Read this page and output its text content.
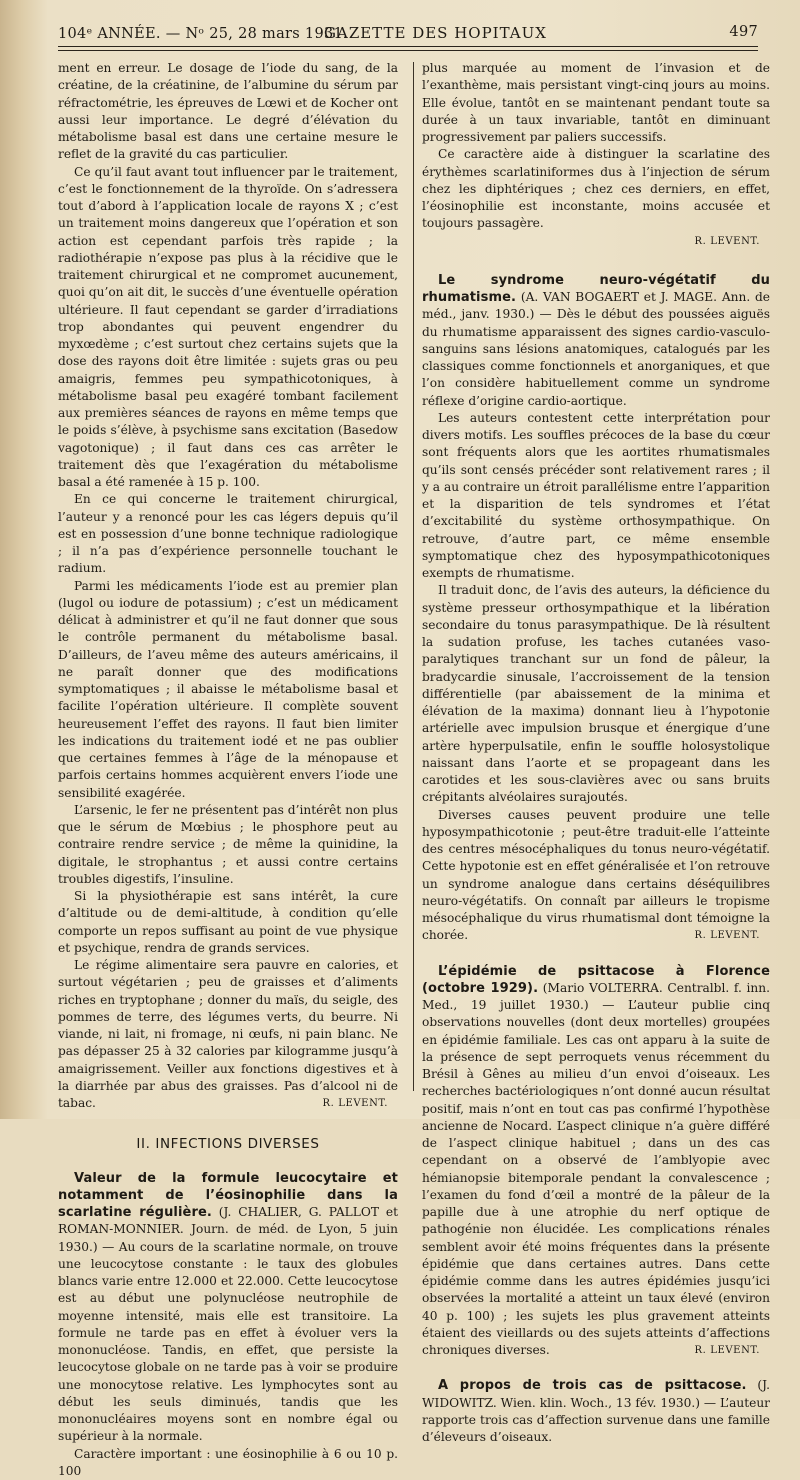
104ᵉ ANNÉE. — Nᵒ 25, 28 mars 1931.
GAZETTE DES HOPITAUX	497

ment en erreur. Le dosage de l’iode du sang, de la créatine, de la créatinine, de l’albumine du sérum par réfractométrie, les épreuves de Lœwi et de Kocher ont aussi leur importance. Le degré d’élévation du métabolisme basal est dans une certaine mesure le reflet de la gravité du cas particulier.

Ce qu’il faut avant tout influencer par le traitement, c’est le fonctionnement de la thyroïde. On s’adressera tout d’abord à l’application locale de rayons X ; c’est un traitement moins dangereux que l’opération et son action est cependant parfois très rapide ; la radiothérapie n’expose pas plus à la récidive que le traitement chirurgical et ne compromet aucunement, quoi qu’on ait dit, le succès d’une éventuelle opération ultérieure. Il faut cependant se garder d’irradiations trop abondantes qui peuvent engendrer du myxœdème ; c’est surtout chez certains sujets que la dose des rayons doit être limitée : sujets gras ou peu amaigris, femmes peu sympathicotoniques, à métabolisme basal peu exagéré tombant facilement aux premières séances de rayons en même temps que le poids s’élève, à psychisme sans excitation (Basedow vagotonique) ; il faut dans ces cas arrêter le traitement dès que l’exagération du métabolisme basal a été ramenée à 15 p. 100.

En ce qui concerne le traitement chirurgical, l’auteur y a renoncé pour les cas légers depuis qu’il est en possession d’une bonne technique radiologique ; il n’a pas d’expérience personnelle touchant le radium.

Parmi les médicaments l’iode est au premier plan (lugol ou iodure de potassium) ; c’est un médicament délicat à administrer et qu’il ne faut donner que sous le contrôle permanent du métabolisme basal. D’ailleurs, de l’aveu même des auteurs américains, il ne paraît donner que des modifications symptomatiques ; il abaisse le métabolisme basal et facilite l’opération ultérieure. Il complète souvent heureusement l’effet des rayons. Il faut bien limiter les indications du traitement iodé et ne pas oublier que certaines femmes à l’âge de la ménopause et parfois certains hommes acquièrent envers l’iode une sensibilité exagérée.

L’arsenic, le fer ne présentent pas d’intérêt non plus que le sérum de Mœbius ; le phosphore peut au contraire rendre service ; de même la quinidine, la digitale, le strophantus ; et aussi contre certains troubles digestifs, l’insuline.

Si la physiothérapie est sans intérêt, la cure d’altitude ou de demi-altitude, à condition qu’elle comporte un repos suffisant au point de vue physique et psychique, rendra de grands services.

Le régime alimentaire sera pauvre en calories, et surtout végétarien ; peu de graisses et d’aliments riches en tryptophane ; donner du maïs, du seigle, des pommes de terre, des légumes verts, du beurre. Ni viande, ni lait, ni fromage, ni œufs, ni pain blanc. Ne pas dépasser 25 à 32 calories par kilogramme jusqu’à amaigrissement. Veiller aux fonctions digestives et à la diarrhée par abus des graisses. Pas d’alcool ni de tabac.	R. LEVENT.

II. INFECTIONS DIVERSES

Valeur de la formule leucocytaire et notamment de l’éosinophilie dans la scarlatine régulière. (J. CHALIER, G. PALLOT et ROMAN-MONNIER. Journ. de méd. de Lyon, 5 juin 1930.) — Au cours de la scarlatine normale, on trouve une leucocytose constante : le taux des globules blancs varie entre 12.000 et 22.000. Cette leucocytose est au début une polynucléose neutrophile de moyenne intensité, mais elle est transitoire. La formule ne tarde pas en effet à évoluer vers la mononucléose. Tandis, en effet, que persiste la leucocytose globale on ne tarde pas à voir se produire une monocytose relative. Les lymphocytes sont au début les seuls diminués, tandis que les mononucléaires moyens sont en nombre égal ou supérieur à la normale.

Caractère important : une éosinophilie à 6 ou 10 p. 100

plus marquée au moment de l’invasion et de l’exanthème, mais persistant vingt-cinq jours au moins. Elle évolue, tantôt en se maintenant pendant toute sa durée à un taux invariable, tantôt en diminuant progressivement par paliers successifs.

Ce caractère aide à distinguer la scarlatine des érythèmes scarlatiniformes dus à l’injection de sérum chez les diphtériques ; chez ces derniers, en effet, l’éosinophilie est inconstante, moins accusée et toujours passagère.

R. LEVENT.

Le syndrome neuro-végétatif du rhumatisme. (A. VAN BOGAERT et J. MAGE. Ann. de méd., janv. 1930.) — Dès le début des poussées aiguës du rhumatisme apparaissent des signes cardio-vasculo-sanguins sans lésions anatomiques, catalogués par les classiques comme fonctionnels et anorganiques, et que l’on considère habituellement comme un syndrome réflexe d’origine cardio-aortique.

Les auteurs contestent cette interprétation pour divers motifs. Les souffles précoces de la base du cœur sont fréquents alors que les aortites rhumatismales qu’ils sont censés précéder sont relativement rares ; il y a au contraire un étroit parallélisme entre l’apparition et la disparition de tels syndromes et l’état d’excitabilité du système orthosympathique. On retrouve, d’autre part, ce même ensemble symptomatique chez des hyposympathicotoniques exempts de rhumatisme.

Il traduit donc, de l’avis des auteurs, la déficience du système presseur orthosympathique et la libération secondaire du tonus parasympathique. De là résultent la sudation profuse, les taches cutanées vaso-paralytiques tranchant sur un fond de pâleur, la bradycardie sinusale, l’accroissement de la tension différentielle (par abaissement de la minima et élévation de la maxima) donnant lieu à l’hypotonie artérielle avec impulsion brusque et énergique d’une artère hyperpulsatile, enfin le souffle holosystolique naissant dans l’aorte et se propageant dans les carotides et les sous-clavières avec ou sans bruits crépitants alvéolaires surajoutés.

Diverses causes peuvent produire une telle hyposympathicotonie ; peut-être traduit-elle l’atteinte des centres mésocéphaliques du tonus neuro-végétatif. Cette hypotonie est en effet généralisée et l’on retrouve un syndrome analogue dans certains déséquilibres neuro-végétatifs. On connaît par ailleurs le tropisme mésocéphalique du virus rhumatismal dont témoigne la chorée.	R. LEVENT.

L’épidémie de psittacose à Florence (octobre 1929). (Mario VOLTERRA. Centralbl. f. inn. Med., 19 juillet 1930.) — L’auteur publie cinq observations nouvelles (dont deux mortelles) groupées en épidémie familiale. Les cas ont apparu à la suite de la présence de sept perroquets venus récemment du Brésil à Gênes au milieu d’un envoi d’oiseaux. Les recherches bactériologiques n’ont donné aucun résultat positif, mais n’ont en tout cas pas confirmé l’hypothèse ancienne de Nocard. L’aspect clinique n’a guère différé de l’aspect clinique habituel ; dans un des cas cependant on a observé de l’amblyopie avec hémianopsie bitemporale pendant la convalescence ; l’examen du fond d’œil a montré de la pâleur de la papille due à une atrophie du nerf optique de pathogénie non élucidée. Les complications rénales semblent avoir été moins fréquentes dans la présente épidémie que dans certaines autres. Dans cette épidémie comme dans les autres épidémies jusqu’ici observées la mortalité a atteint un taux élevé (environ 40 p. 100) ; les sujets les plus gravement atteints étaient des vieillards ou des sujets atteints d’affections chroniques diverses.	R. LEVENT.

A propos de trois cas de psittacose. (J. WIDOWITZ. Wien. klin. Woch., 13 fév. 1930.) — L’auteur rapporte trois cas d’affection survenue dans une famille d’éleveurs d’oiseaux.
